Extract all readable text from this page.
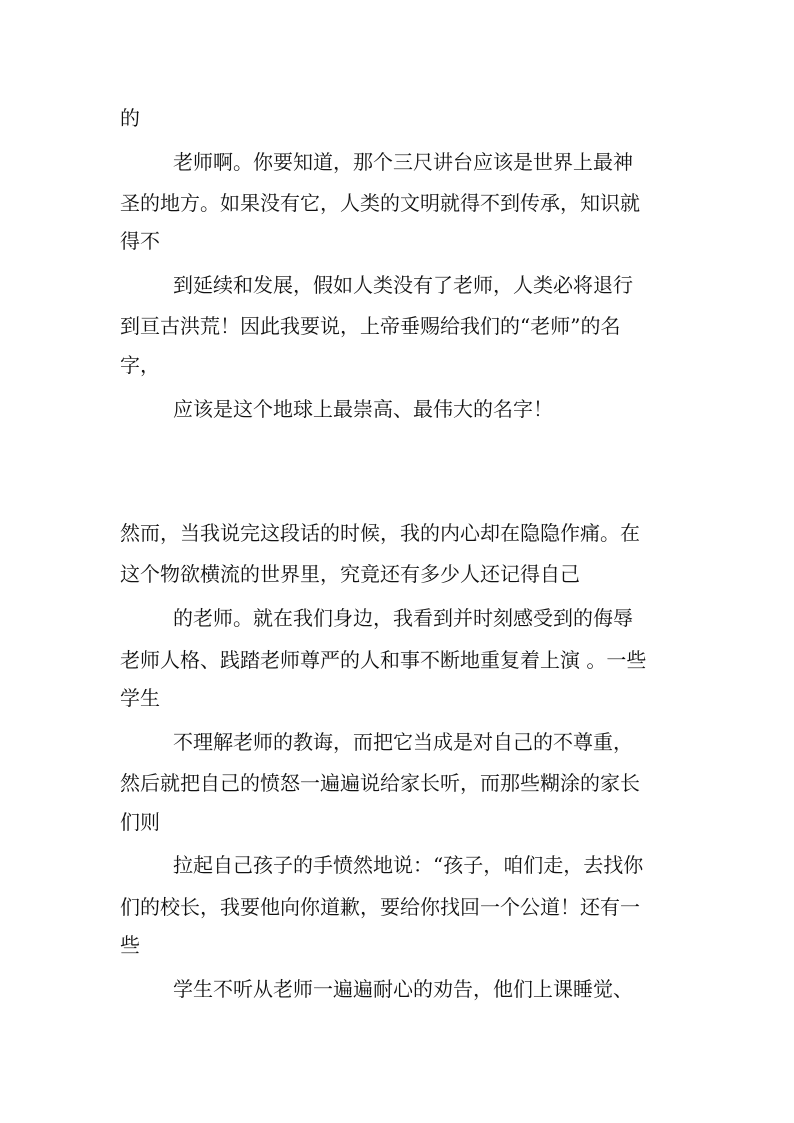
的
老师啊。你要知道，那个三尺讲台应该是世界上最神
圣的地方。如果没有它，人类的文明就得不到传承，知识就
得不
到延续和发展，假如人类没有了老师，人类必将退行
到亘古洪荒！因此我要说，上帝垂赐给我们的“老师”的名
字，
应该是这个地球上最崇高、最伟大的名字！
然而，当我说完这段话的时候，我的内心却在隐隐作痛。在
这个物欲横流的世界里，究竟还有多少人还记得自己
的老师。就在我们身边，我看到并时刻感受到的侮辱
老师人格、践踏老师尊严的人和事不断地重复着上演 。一些
学生
不理解老师的教诲，而把它当成是对自己的不尊重，
然后就把自己的愤怒一遍遍说给家长听，而那些糊涂的家长
们则
拉起自己孩子的手愤然地说：“孩子，咱们走，去找你
们的校长，我要他向你道歉，要给你找回一个公道！还有一
些
学生不听从老师一遍遍耐心的劝告，他们上课睡觉、
